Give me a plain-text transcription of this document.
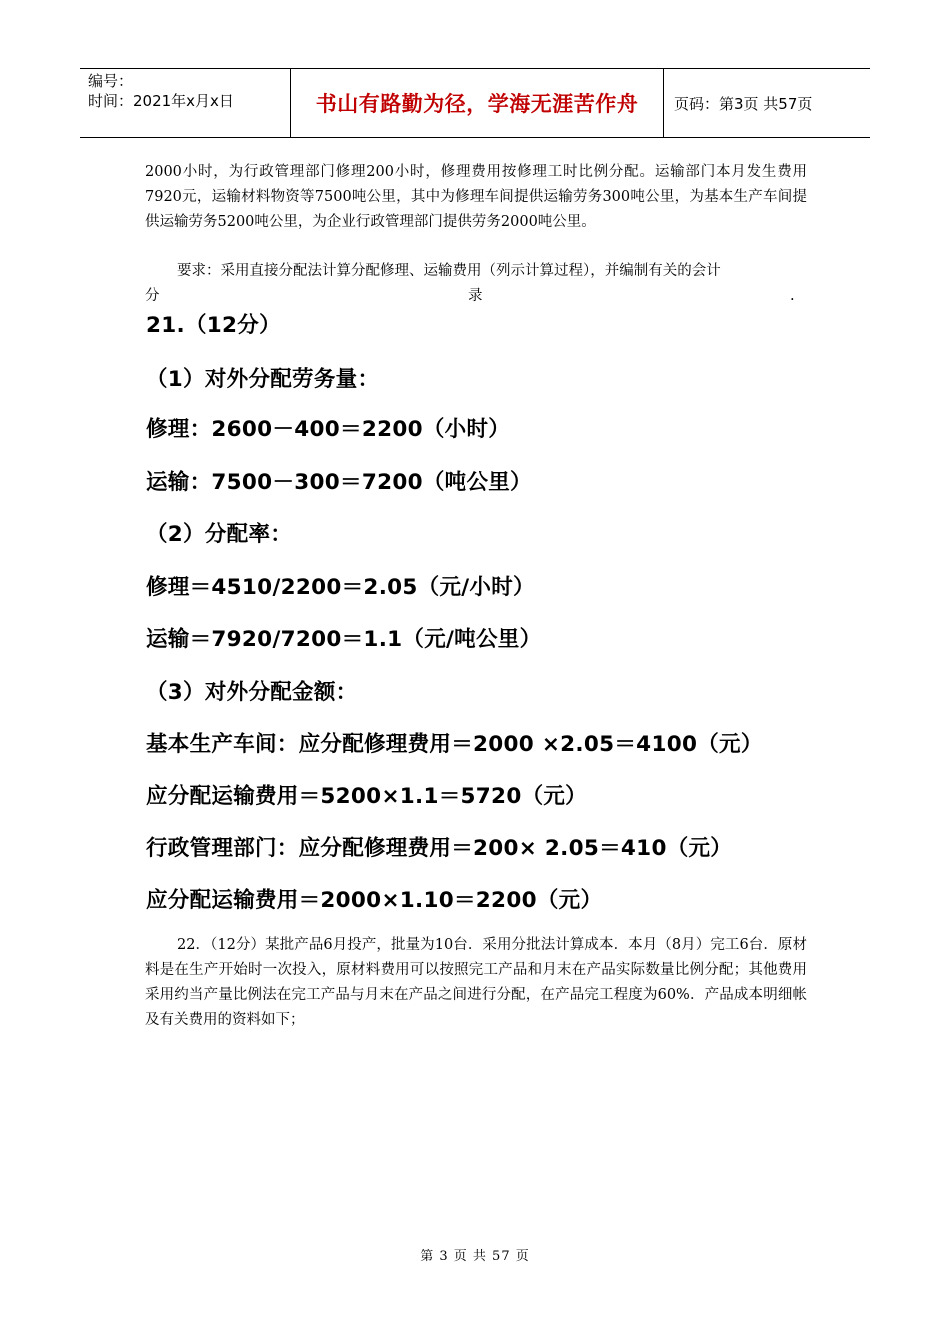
编号：
时间：2021年x月x日	书山有路勤为径，学海无涯苦作舟	页码：第3页 共57页
2000小时，为行政管理部门修理200小时，修理费用按修理工时比例分配。运输部门本月发生费用7920元，运输材料物资等7500吨公里，其中为修理车间提供运输劳务300吨公里，为基本生产车间提供运输劳务5200吨公里，为企业行政管理部门提供劳务2000吨公里。
要求：采用直接分配法计算分配修理、运输费用（列示计算过程），并编制有关的会计
分	录	.
21.（12分）
（1）对外分配劳务量：
修理：2600－400＝2200（小时）
运输：7500－300＝7200（吨公里）
（2）分配率：
修理＝4510/2200＝2.05（元/小时）
运输＝7920/7200＝1.1（元/吨公里）
（3）对外分配金额：
基本生产车间：应分配修理费用＝2000 ×2.05＝4100（元）
应分配运输费用＝5200×1.1＝5720（元）
行政管理部门：应分配修理费用＝200× 2.05＝410（元）
应分配运输费用＝2000×1.10＝2200（元）
22．（12分）某批产品6月投产，批量为10台．采用分批法计算成本．本月（8月）完工6台．原材料是在生产开始时一次投入，原材料费用可以按照完工产品和月末在产品实际数量比例分配；其他费用采用约当产量比例法在完工产品与月末在产品之间进行分配，在产品完工程度为60%．产品成本明细帐及有关费用的资料如下；
第 3 页 共 57 页
